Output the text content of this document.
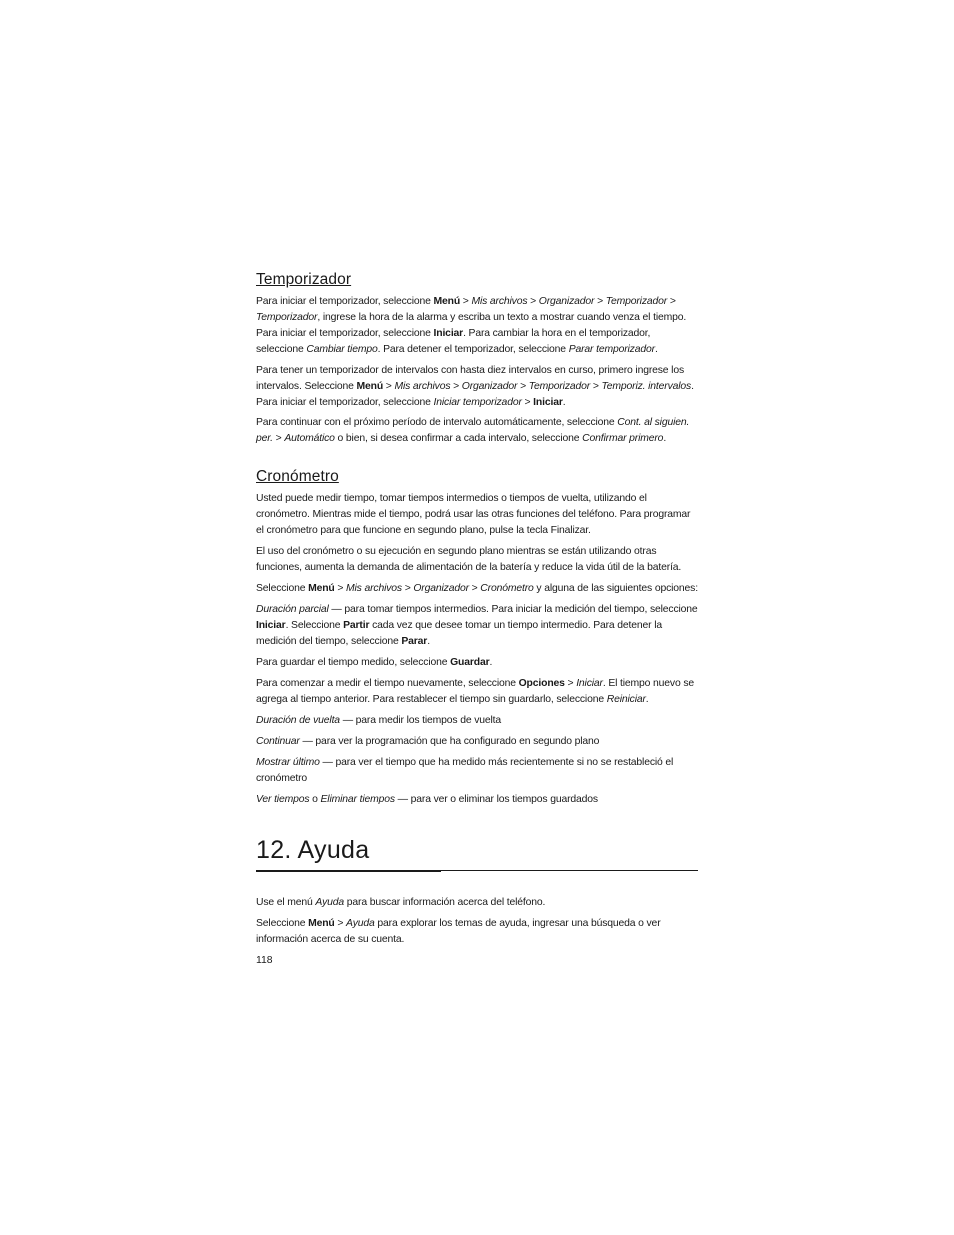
Temporizador

Para iniciar el temporizador, seleccione Menú > Mis archivos > Organizador > Temporizador > Temporizador, ingrese la hora de la alarma y escriba un texto a mostrar cuando venza el tiempo. Para iniciar el temporizador, seleccione Iniciar. Para cambiar la hora en el temporizador, seleccione Cambiar tiempo. Para detener el temporizador, seleccione Parar temporizador.

Para tener un temporizador de intervalos con hasta diez intervalos en curso, primero ingrese los intervalos. Seleccione Menú > Mis archivos > Organizador > Temporizador > Temporiz. intervalos. Para iniciar el temporizador, seleccione Iniciar temporizador > Iniciar.

Para continuar con el próximo período de intervalo automáticamente, seleccione Cont. al siguien. per. > Automático o bien, si desea confirmar a cada intervalo, seleccione Confirmar primero.

Cronómetro

Usted puede medir tiempo, tomar tiempos intermedios o tiempos de vuelta, utilizando el cronómetro. Mientras mide el tiempo, podrá usar las otras funciones del teléfono. Para programar el cronómetro para que funcione en segundo plano, pulse la tecla Finalizar.

El uso del cronómetro o su ejecución en segundo plano mientras se están utilizando otras funciones, aumenta la demanda de alimentación de la batería y reduce la vida útil de la batería.

Seleccione Menú > Mis archivos > Organizador > Cronómetro y alguna de las siguientes opciones:

Duración parcial — para tomar tiempos intermedios. Para iniciar la medición del tiempo, seleccione Iniciar. Seleccione Partir cada vez que desee tomar un tiempo intermedio. Para detener la medición del tiempo, seleccione Parar.

Para guardar el tiempo medido, seleccione Guardar.

Para comenzar a medir el tiempo nuevamente, seleccione Opciones > Iniciar. El tiempo nuevo se agrega al tiempo anterior. Para restablecer el tiempo sin guardarlo, seleccione Reiniciar.

Duración de vuelta — para medir los tiempos de vuelta

Continuar — para ver la programación que ha configurado en segundo plano

Mostrar último — para ver el tiempo que ha medido más recientemente si no se restableció el cronómetro

Ver tiempos o Eliminar tiempos — para ver o eliminar los tiempos guardados

12. Ayuda

Use el menú Ayuda para buscar información acerca del teléfono.

Seleccione Menú > Ayuda para explorar los temas de ayuda, ingresar una búsqueda o ver información acerca de su cuenta.

118
